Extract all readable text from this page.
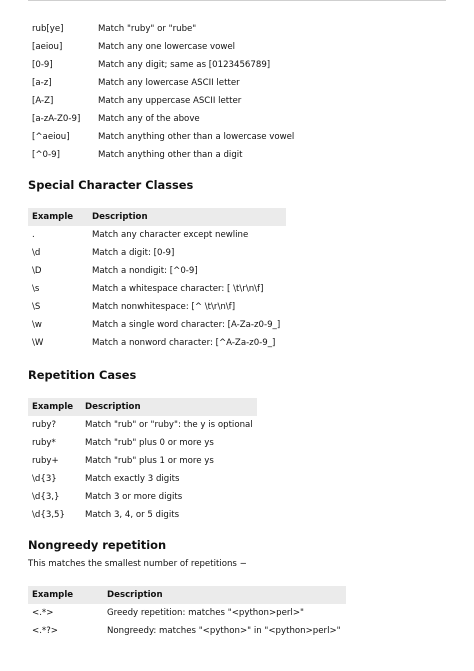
rub[ye]	Match "ruby" or "rube"
[aeiou]	Match any one lowercase vowel
[0-9]	Match any digit; same as [0123456789]
[a-z]	Match any lowercase ASCII letter
[A-Z]	Match any uppercase ASCII letter
[a-zA-Z0-9]	Match any of the above
[^aeiou]	Match anything other than a lowercase vowel
[^0-9]	Match anything other than a digit
Special Character Classes
Example	Description
.	Match any character except newline
\d	Match a digit: [0-9]
\D	Match a nondigit: [^0-9]
\s	Match a whitespace character: [ \t\r\n\f]
\S	Match nonwhitespace: [^ \t\r\n\f]
\w	Match a single word character: [A-Za-z0-9_]
\W	Match a nonword character: [^A-Za-z0-9_]
Repetition Cases
Example	Description
ruby?	Match "rub" or "ruby": the y is optional
ruby*	Match "rub" plus 0 or more ys
ruby+	Match "rub" plus 1 or more ys
\d{3}	Match exactly 3 digits
\d{3,}	Match 3 or more digits
\d{3,5}	Match 3, 4, or 5 digits
Nongreedy repetition

This matches the smallest number of repetitions −

Example	Description
<.*>	Greedy repetition: matches "<python>perl>"
<.*?>	Nongreedy: matches "<python>" in "<python>perl>"
